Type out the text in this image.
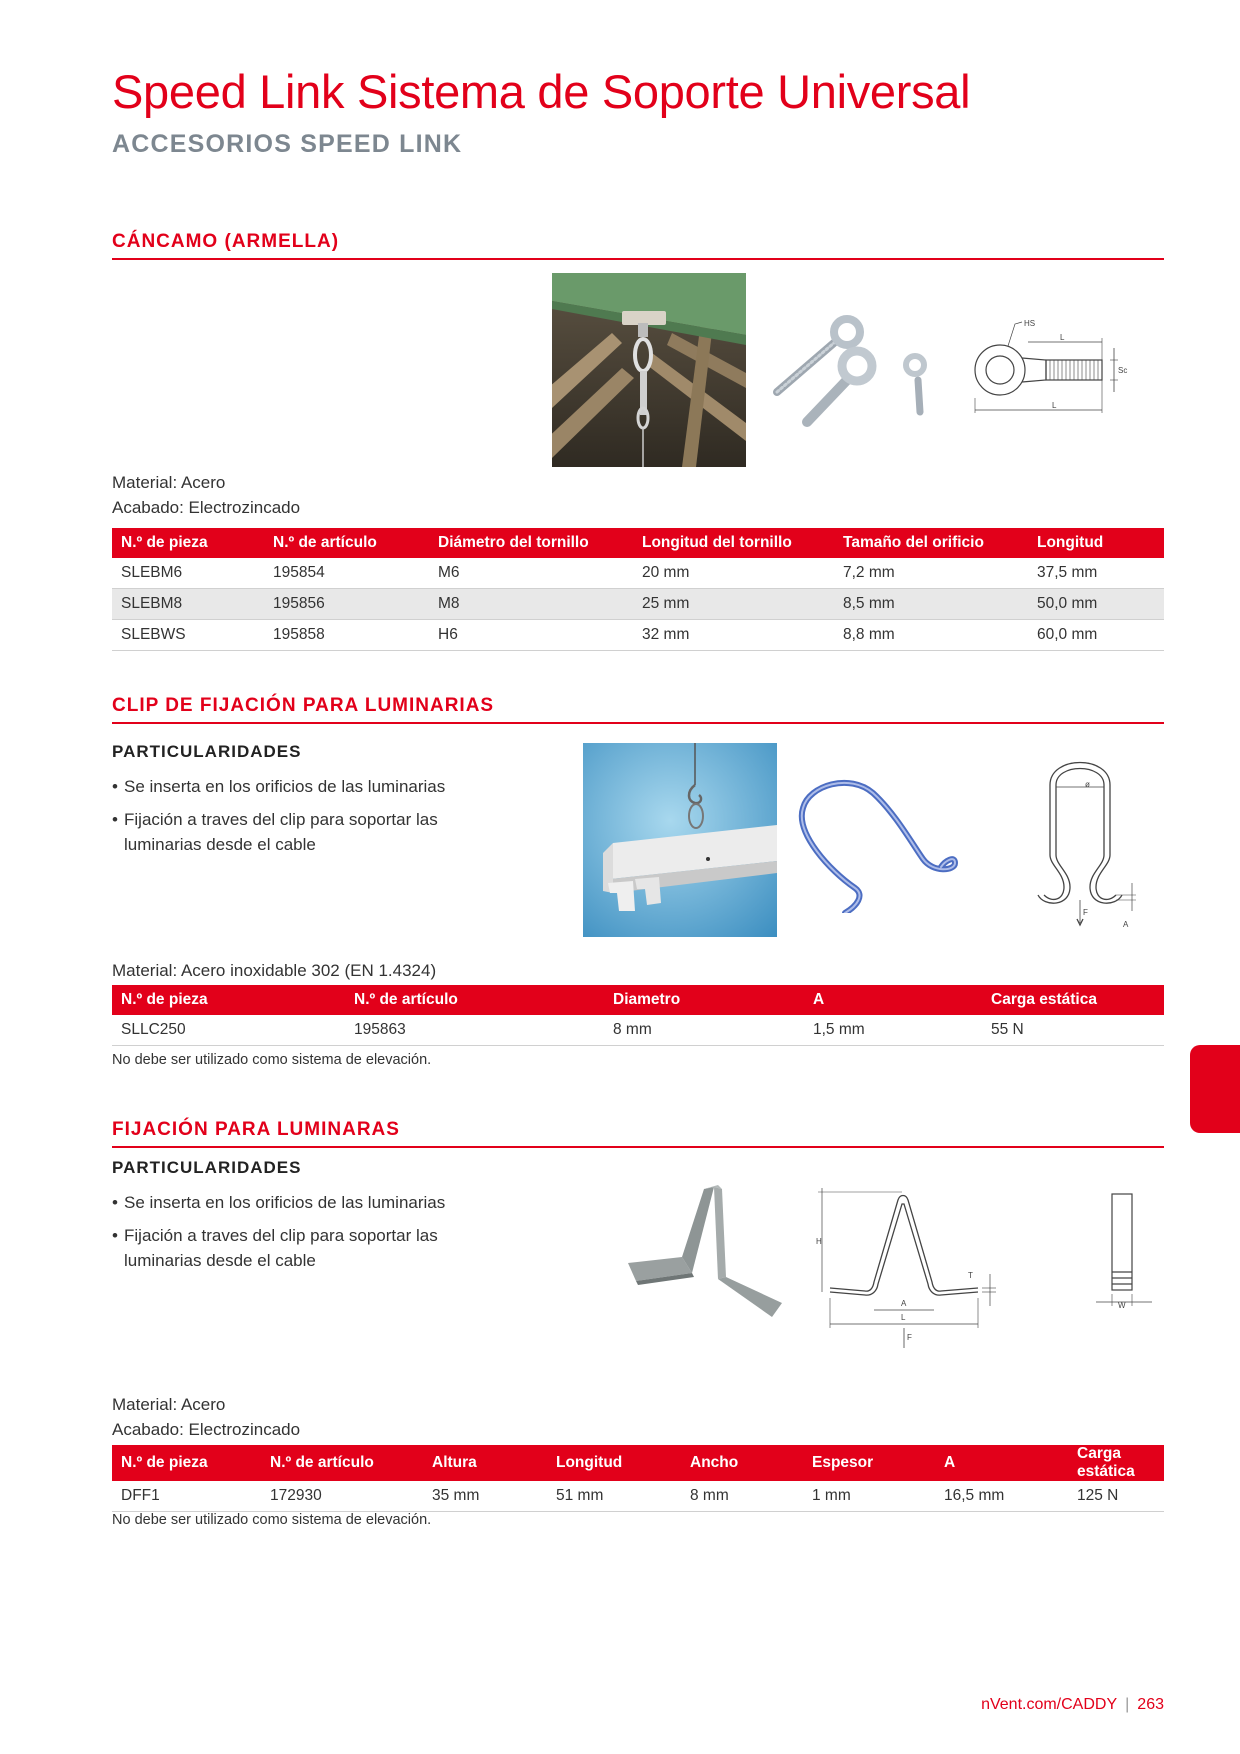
Speed Link Sistema de Soporte Universal
ACCESORIOS SPEED LINK
CÁNCAMO (ARMELLA)
HS
L
Sc
L
Material: Acero
Acabado: Electrozincado
N.º de pieza	N.º de artículo	Diámetro del tornillo	Longitud del tornillo	Tamaño del orificio	Longitud
SLEBM6	195854	M6	20 mm	7,2 mm	37,5 mm
SLEBM8	195856	M8	25 mm	8,5 mm	50,0 mm
SLEBWS	195858	H6	32 mm	8,8 mm	60,0 mm
CLIP DE FIJACIÓN PARA LUMINARIAS
PARTICULARIDADES
• Se inserta en los orificios de las luminarias
• Fijación a traves del clip para soportar las luminarias desde el cable
ø
F
A
Material: Acero inoxidable 302 (EN 1.4324)
N.º de pieza	N.º de artículo	Diametro	A	Carga estática
SLLC250	195863	8 mm	1,5 mm	55 N
No debe ser utilizado como sistema de elevación.
FIJACIÓN PARA LUMINARAS
PARTICULARIDADES
• Se inserta en los orificios de las luminarias
• Fijación a traves del clip para soportar las luminarias desde el cable
H
T
A
L
F
W
Material: Acero
Acabado: Electrozincado
N.º de pieza	N.º de artículo	Altura	Longitud	Ancho	Espesor	A	Carga estática
DFF1	172930	35 mm	51 mm	8 mm	1 mm	16,5 mm	125 N
No debe ser utilizado como sistema de elevación.
nVent.com/CADDY | 263
